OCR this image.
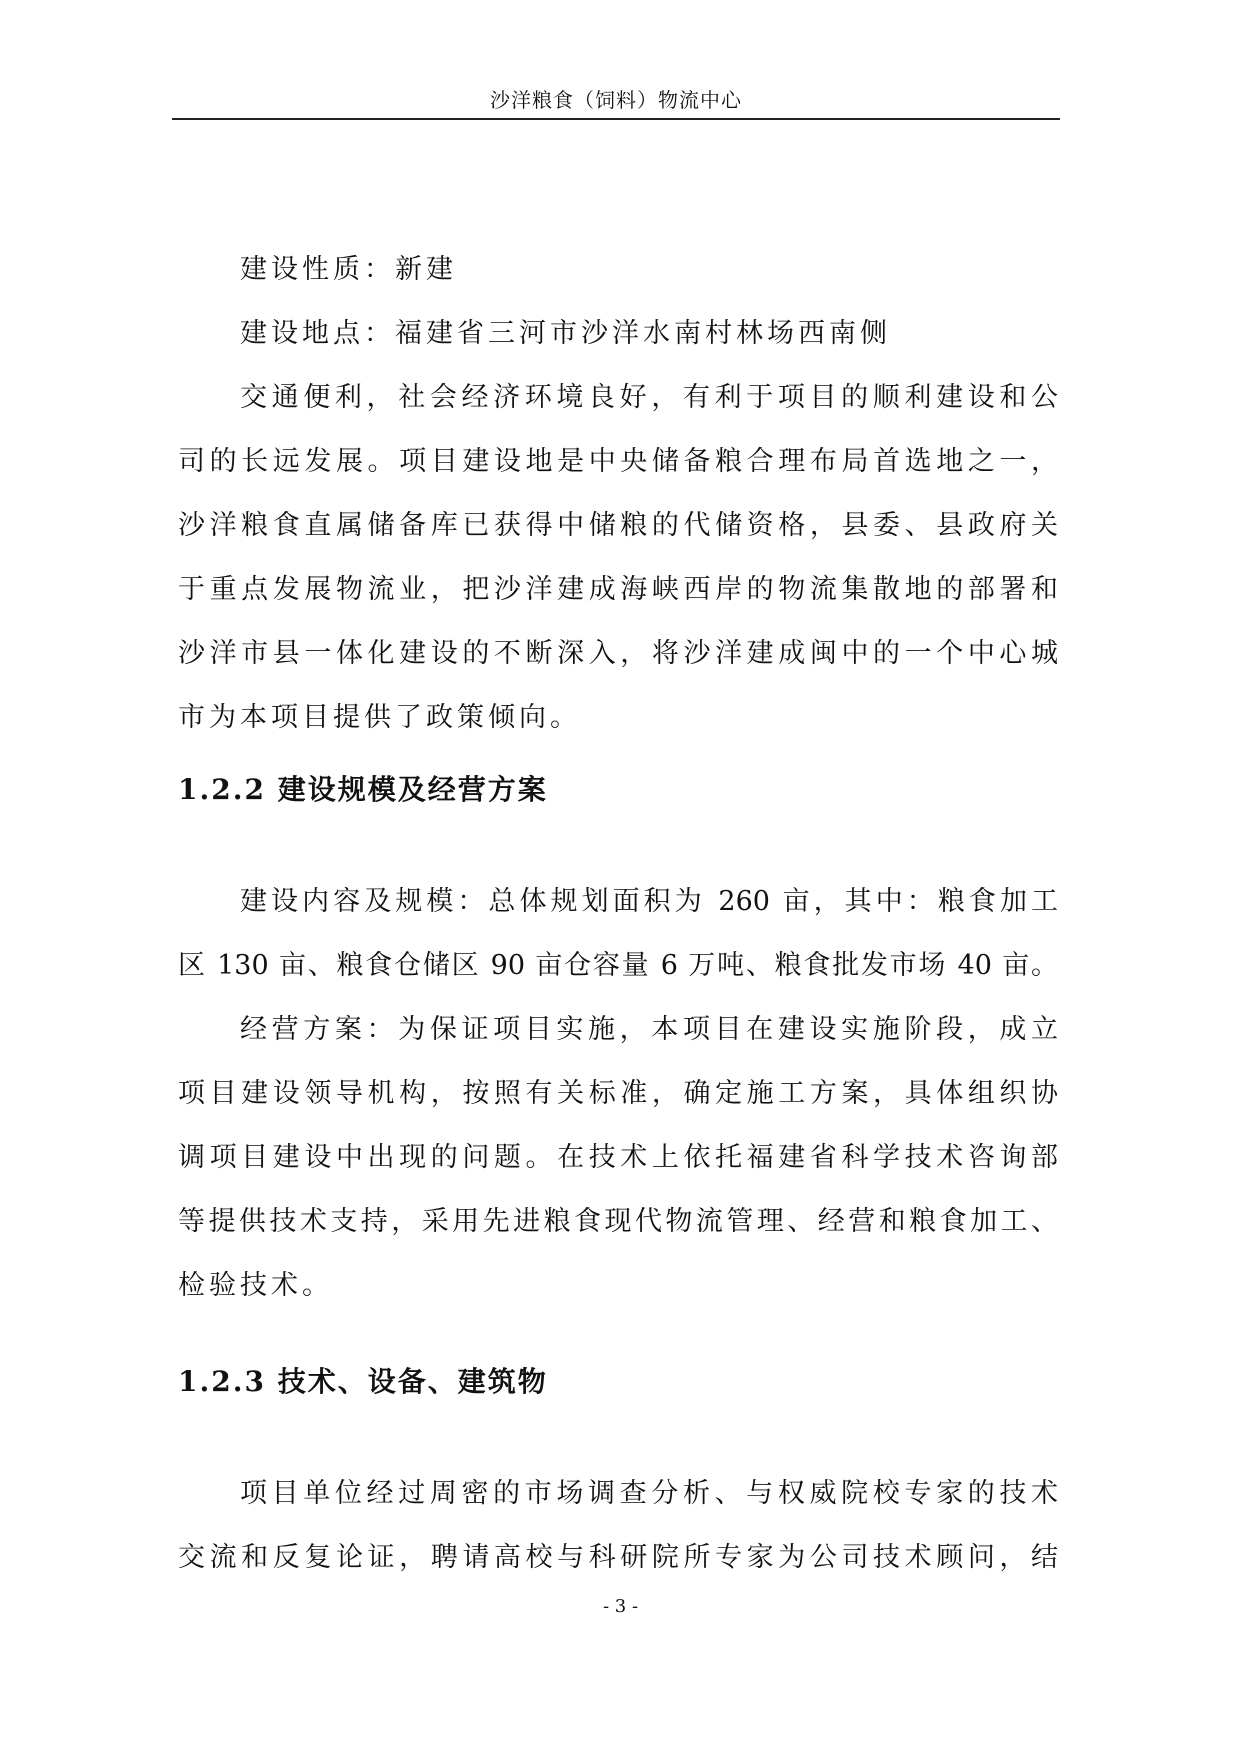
沙洋粮食（饲料）物流中心
建设性质：新建
建设地点：福建省三河市沙洋水南村林场西南侧
交通便利，社会经济环境良好，有利于项目的顺利建设和公
司的长远发展。项目建设地是中央储备粮合理布局首选地之一，
沙洋粮食直属储备库已获得中储粮的代储资格，县委、县政府关
于重点发展物流业，把沙洋建成海峡西岸的物流集散地的部署和
沙洋市县一体化建设的不断深入，将沙洋建成闽中的一个中心城
市为本项目提供了政策倾向。
1.2.2 建设规模及经营方案
建设内容及规模：总体规划面积为 260 亩，其中：粮食加工
区 130 亩、粮食仓储区 90 亩仓容量 6 万吨、粮食批发市场 40 亩。
经营方案：为保证项目实施，本项目在建设实施阶段，成立
项目建设领导机构，按照有关标准，确定施工方案，具体组织协
调项目建设中出现的问题。在技术上依托福建省科学技术咨询部
等提供技术支持，采用先进粮食现代物流管理、经营和粮食加工、
检验技术。
1.2.3 技术、设备、建筑物
项目单位经过周密的市场调查分析、与权威院校专家的技术
交流和反复论证，聘请高校与科研院所专家为公司技术顾问，结
- 3 -
